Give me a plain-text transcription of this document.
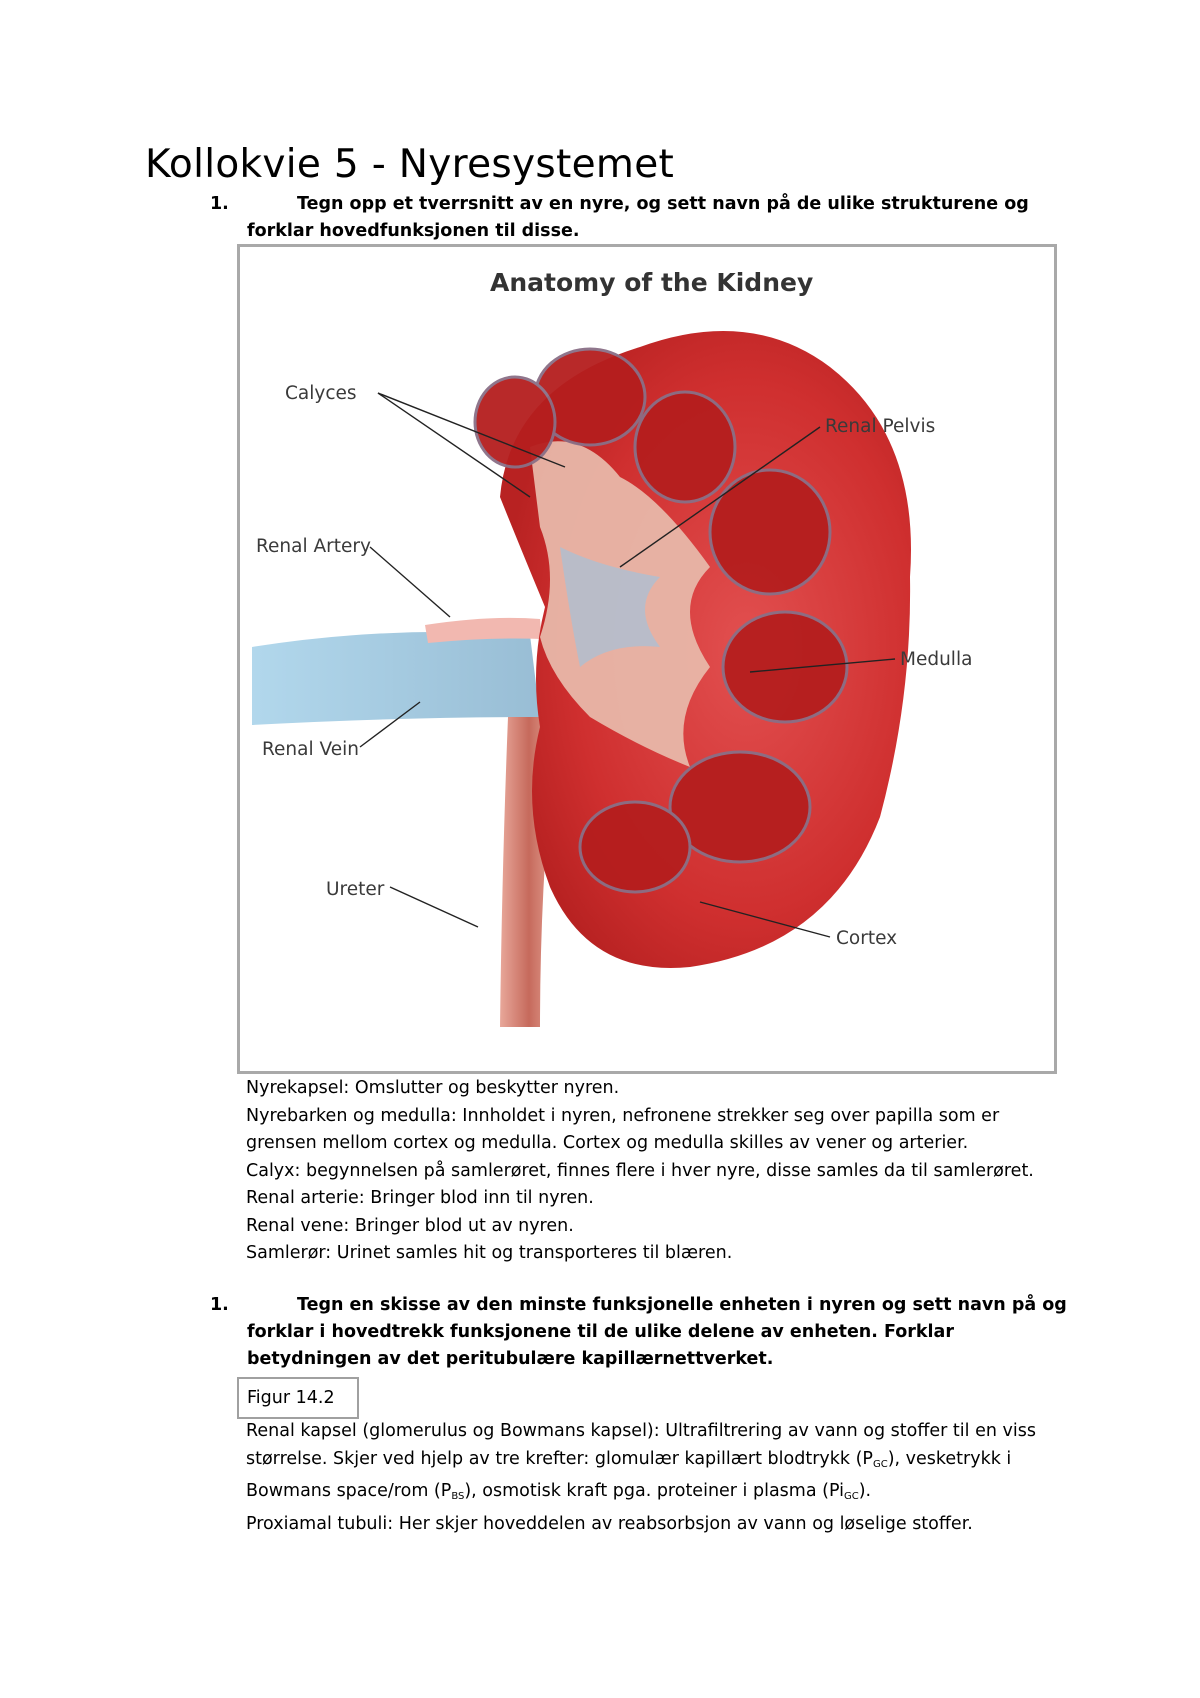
Kollokvie 5 - Nyresystemet
1.	Tegn opp et tverrsnitt av en nyre, og sett navn på de ulike strukturene og forklar hovedfunksjonen til disse.
Anatomy of the Kidney
Calyces
Renal Pelvis
Renal Artery
Medulla
Renal Vein
Ureter
Cortex

Nyrekapsel: Omslutter og beskytter nyren.

Nyrebarken og medulla: Innholdet i nyren, nefronene strekker seg over papilla som er

grensen mellom cortex og medulla. Cortex og medulla skilles av vener og arterier.

Calyx: begynnelsen på samlerøret, finnes flere i hver nyre, disse samles da til samlerøret.

Renal arterie: Bringer blod inn til nyren.

Renal vene: Bringer blod ut av nyren.

Samlerør: Urinet samles hit og transporteres til blæren.

1.	Tegn en skisse av den minste funksjonelle enheten i nyren og sett navn på og forklar i hovedtrekk funksjonene til de ulike delene av enheten. Forklar betydningen av det peritubulære kapillærnettverket.
Figur 14.2

Renal kapsel (glomerulus og Bowmans kapsel): Ultrafiltrering av vann og stoffer til en viss

størrelse. Skjer ved hjelp av tre krefter: glomulær kapillært blodtrykk $(P_{GC})$, vesketrykk i

Bowmans space/rom $(P_{BS})$, osmotisk kraft pga. proteiner i plasma $(Pi_{GC})$.

Proxiamal tubuli: Her skjer hoveddelen av reabsorbsjon av vann og løselige stoffer.
